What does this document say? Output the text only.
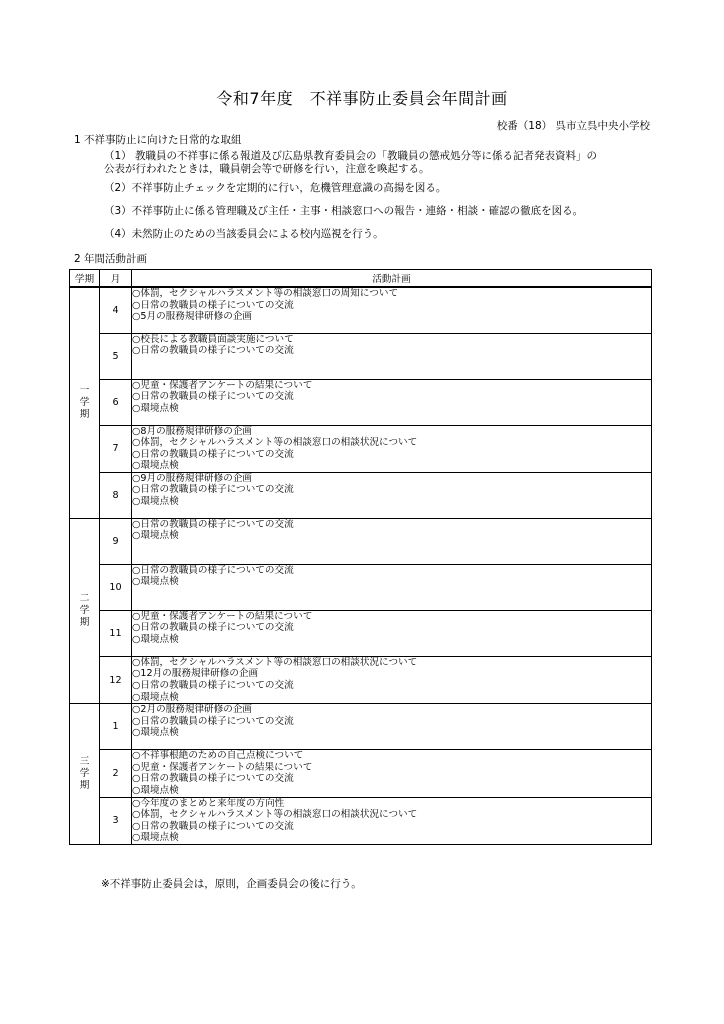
令和7年度　不祥事防止委員会年間計画
校番（18） 呉市立呉中央小学校
1 不祥事防止に向けた日常的な取組
（1） 教職員の不祥事に係る報道及び広島県教育委員会の「教職員の懲戒処分等に係る記者発表資料」の
公表が行われたときは，職員朝会等で研修を行い，注意を喚起する。
（2）不祥事防止チェックを定期的に行い，危機管理意識の高揚を図る。
（3）不祥事防止に係る管理職及び主任・主事・相談窓口への報告・連絡・相談・確認の徹底を図る。
（4）未然防止のための当該委員会による校内巡視を行う。
2 年間活動計画
学期	月	活動計画
一学期	4	○体罰，セクシャルハラスメント等の相談窓口の周知について
○日常の教職員の様子についての交流
○5月の服務規律研修の企画

	5	○校長による教職員面談実施について
○日常の教職員の様子についての交流

	6	○児童・保護者アンケートの結果について
○日常の教職員の様子についての交流
○環境点検

	7	○8月の服務規律研修の企画
○体罰，セクシャルハラスメント等の相談窓口の相談状況について
○日常の教職員の様子についての交流
○環境点検

	8	○9月の服務規律研修の企画
○日常の教職員の様子についての交流
○環境点検

二学期	9	○日常の教職員の様子についての交流
○環境点検

	10	○日常の教職員の様子についての交流
○環境点検

	11	○児童・保護者アンケートの結果について
○日常の教職員の様子についての交流
○環境点検

	12	○体罰，セクシャルハラスメント等の相談窓口の相談状況について
○12月の服務規律研修の企画
○日常の教職員の様子についての交流
○環境点検

三学期	1	○2月の服務規律研修の企画
○日常の教職員の様子についての交流
○環境点検

	2	○不祥事根絶のための自己点検について
○児童・保護者アンケートの結果について
○日常の教職員の様子についての交流
○環境点検

	3	○今年度のまとめと来年度の方向性
○体罰，セクシャルハラスメント等の相談窓口の相談状況について
○日常の教職員の様子についての交流
○環境点検
※不祥事防止委員会は，原則，企画委員会の後に行う。
